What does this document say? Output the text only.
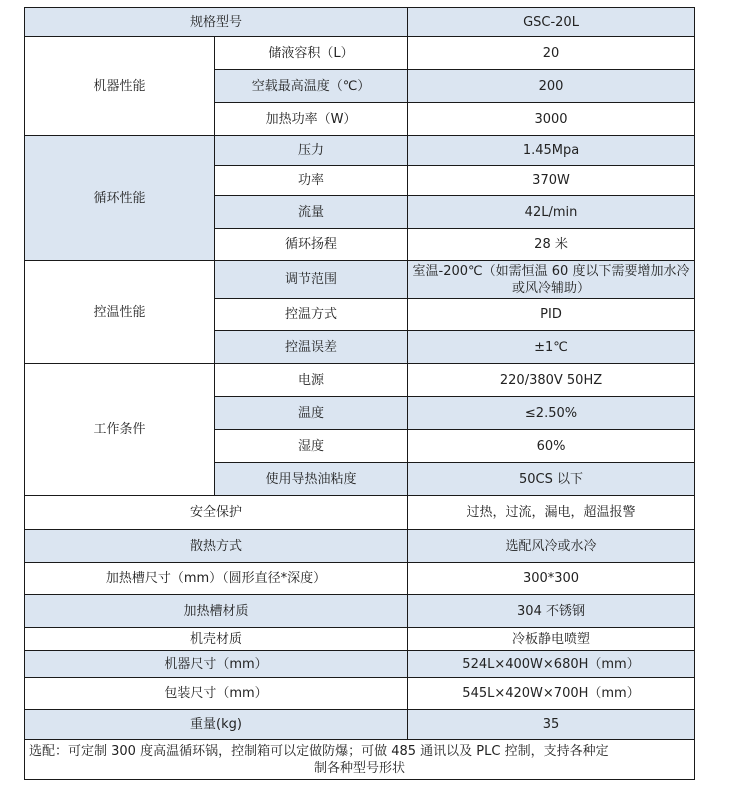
规格型号		GSC-20L
机器性能	储液容积（L）	20
	空载最高温度（℃）	200
	加热功率（W）	3000
循环性能	压力	1.45Mpa
	功率	370W
	流量	42L/min
	循环扬程	28 米
控温性能	调节范围	室温-200℃（如需恒温 60 度以下需要增加水冷或风冷辅助）
	控温方式	PID
	控温误差	±1℃
工作条件	电源	220/380V 50HZ
	温度	≤2.50%
	湿度	60%
	使用导热油粘度	50CS 以下
安全保护		过热，过流，漏电，超温报警
散热方式		选配风冷或水冷
加热槽尺寸（mm）（圆形直径*深度）		300*300
加热槽材质		304 不锈钢
机壳材质		冷板静电喷塑
机器尺寸（mm）		524L×400W×680H（mm）
包装尺寸（mm）		545L×420W×700H（mm）
重量(kg)		35

选配：可定制 300 度高温循环锅，控制箱可以定做防爆；可做 485 通讯以及 PLC 控制，支持各种定
制各种型号形状		
